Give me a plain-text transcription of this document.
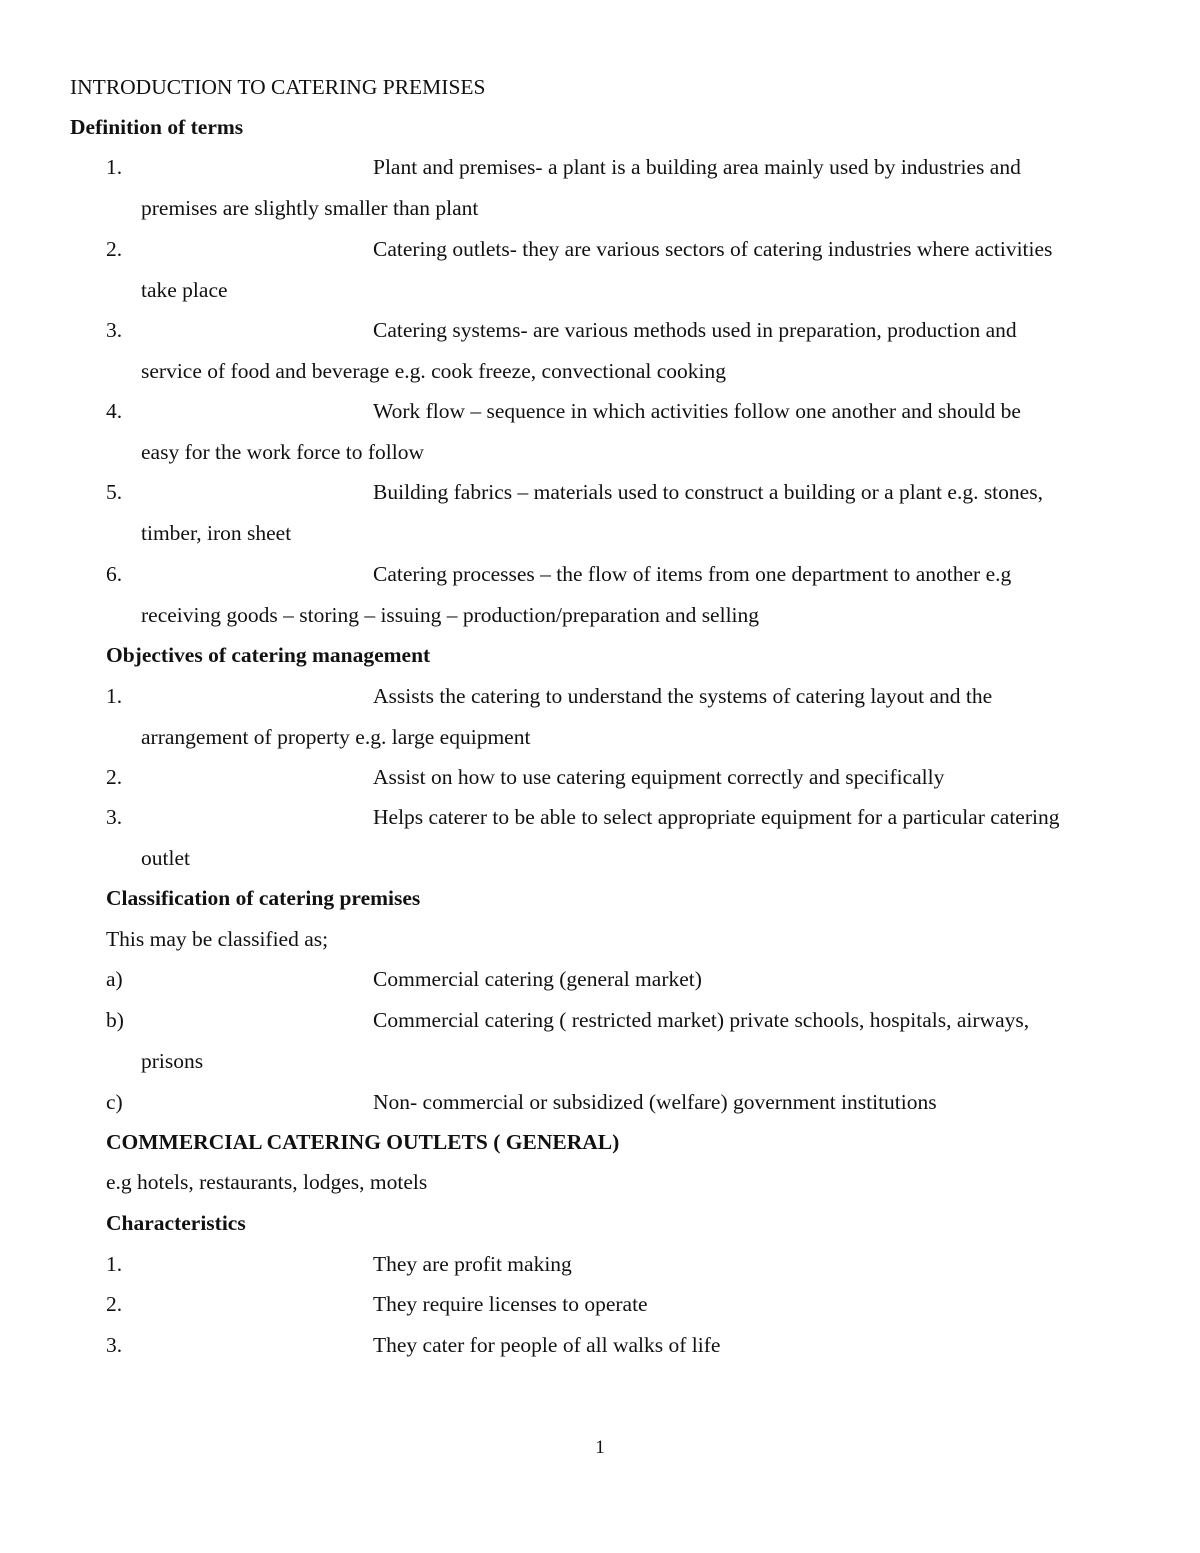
INTRODUCTION TO CATERING PREMISES
Definition of terms
1.	Plant and premises- a plant is a building area mainly used by industries and
premises are slightly smaller than plant
2.	Catering outlets- they are various sectors of catering industries where activities
take place
3.	Catering systems- are various methods used in preparation, production and
service of food and beverage e.g. cook freeze, convectional cooking
4.	Work flow – sequence in which activities follow one another and should be
easy for the work force to follow
5.	Building fabrics – materials used to construct a building or a plant e.g. stones,
timber, iron sheet
6.	Catering processes – the flow of items from one department to another e.g
receiving goods – storing – issuing – production/preparation and selling
Objectives of catering management
1.	Assists the catering to understand the systems of catering layout and the
arrangement of property e.g. large equipment
2.	Assist on how to use catering equipment correctly and specifically
3.	Helps caterer to be able to select appropriate equipment for a particular catering
outlet
Classification of catering premises
This may be classified as;
a)	Commercial catering (general market)
b)	Commercial catering ( restricted market) private schools, hospitals, airways,
prisons
c)	Non- commercial or subsidized (welfare) government institutions
COMMERCIAL CATERING OUTLETS ( GENERAL)
e.g hotels, restaurants, lodges, motels
Characteristics
1.	They are profit making
2.	They require licenses to operate
3.	They cater for people of all walks of life
1
